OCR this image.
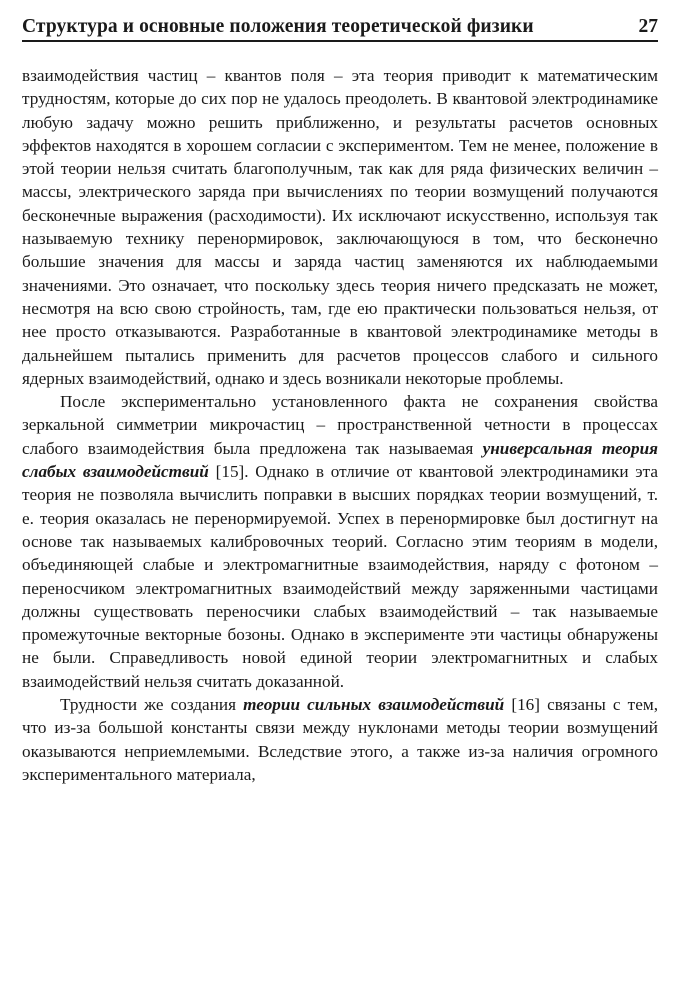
Структура и основные положения теоретической физики	27

взаимодействия частиц – квантов поля – эта теория приводит к математическим трудностям, которые до сих пор не удалось преодолеть. В квантовой электродинамике любую задачу можно решить приближенно, и результаты расчетов основных эффектов находятся в хорошем согласии с экспериментом. Тем не менее, положение в этой теории нельзя считать благополучным, так как для ряда физических величин – массы, электрического заряда при вычислениях по теории возмущений получаются бесконечные выражения (расходимости). Их исключают искусственно, используя так называемую технику перенормировок, заключающуюся в том, что бесконечно большие значения для массы и заряда частиц заменяются их наблюдаемыми значениями. Это означает, что поскольку здесь теория ничего предсказать не может, несмотря на всю свою стройность, там, где ею практически пользоваться нельзя, от нее просто отказываются. Разработанные в квантовой электродинамике методы в дальнейшем пытались применить для расчетов процессов слабого и сильного ядерных взаимодействий, однако и здесь возникали некоторые проблемы.

После экспериментально установленного факта не сохранения свойства зеркальной симметрии микрочастиц – пространственной четности в процессах слабого взаимодействия была предложена так называемая универсальная теория слабых взаимодействий [15]. Однако в отличие от квантовой электродинамики эта теория не позволяла вычислить поправки в высших порядках теории возмущений, т. е. теория оказалась не перенормируемой. Успех в перенормировке был достигнут на основе так называемых калибровочных теорий. Согласно этим теориям в модели, объединяющей слабые и электромагнитные взаимодействия, наряду с фотоном – переносчиком электромагнитных взаимодействий между заряженными частицами должны существовать переносчики слабых взаимодействий – так называемые промежуточные векторные бозоны. Однако в эксперименте эти частицы обнаружены не были. Справедливость новой единой теории электромагнитных и слабых взаимодействий нельзя считать доказанной.

Трудности же создания теории сильных взаимодействий [16] связаны с тем, что из-за большой константы связи между нуклонами методы теории возмущений оказываются неприемлемыми. Вследствие этого, а также из-за наличия огромного экспериментального материала,
